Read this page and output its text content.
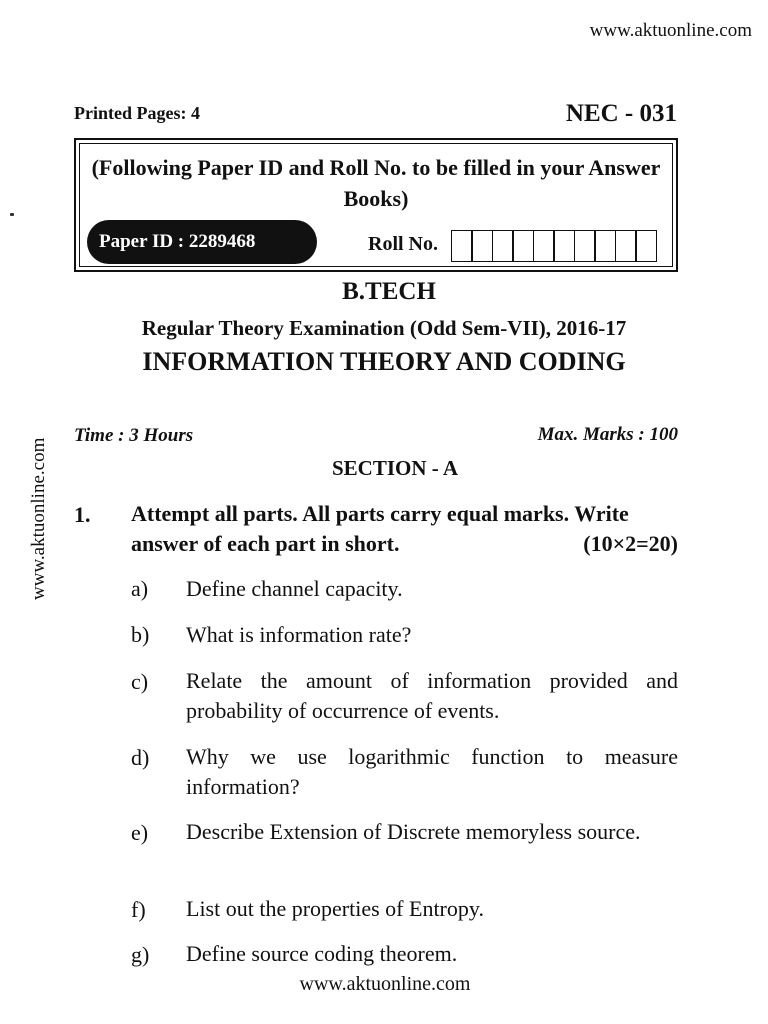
www.aktuonline.com
www.aktuonline.com
Printed Pages: 4	NEC - 031
(Following Paper ID and Roll No. to be filled in your Answer Books)
Paper ID : 2289468	Roll No.
B.TECH
Regular Theory Examination (Odd Sem-VII), 2016-17
INFORMATION THEORY AND CODING
Time : 3 Hours	Max. Marks : 100
SECTION - A
1. Attempt all parts. All parts carry equal marks. Write
answer of each part in short.	(10×2=20)
a) Define channel capacity.
b) What is information rate?
c) Relate the amount of information provided and probability of occurrence of events.
d) Why we use logarithmic function to measure information?
e) Describe Extension of Discrete memoryless source.
f) List out the properties of Entropy.
g) Define source coding theorem.
www.aktuonline.com
